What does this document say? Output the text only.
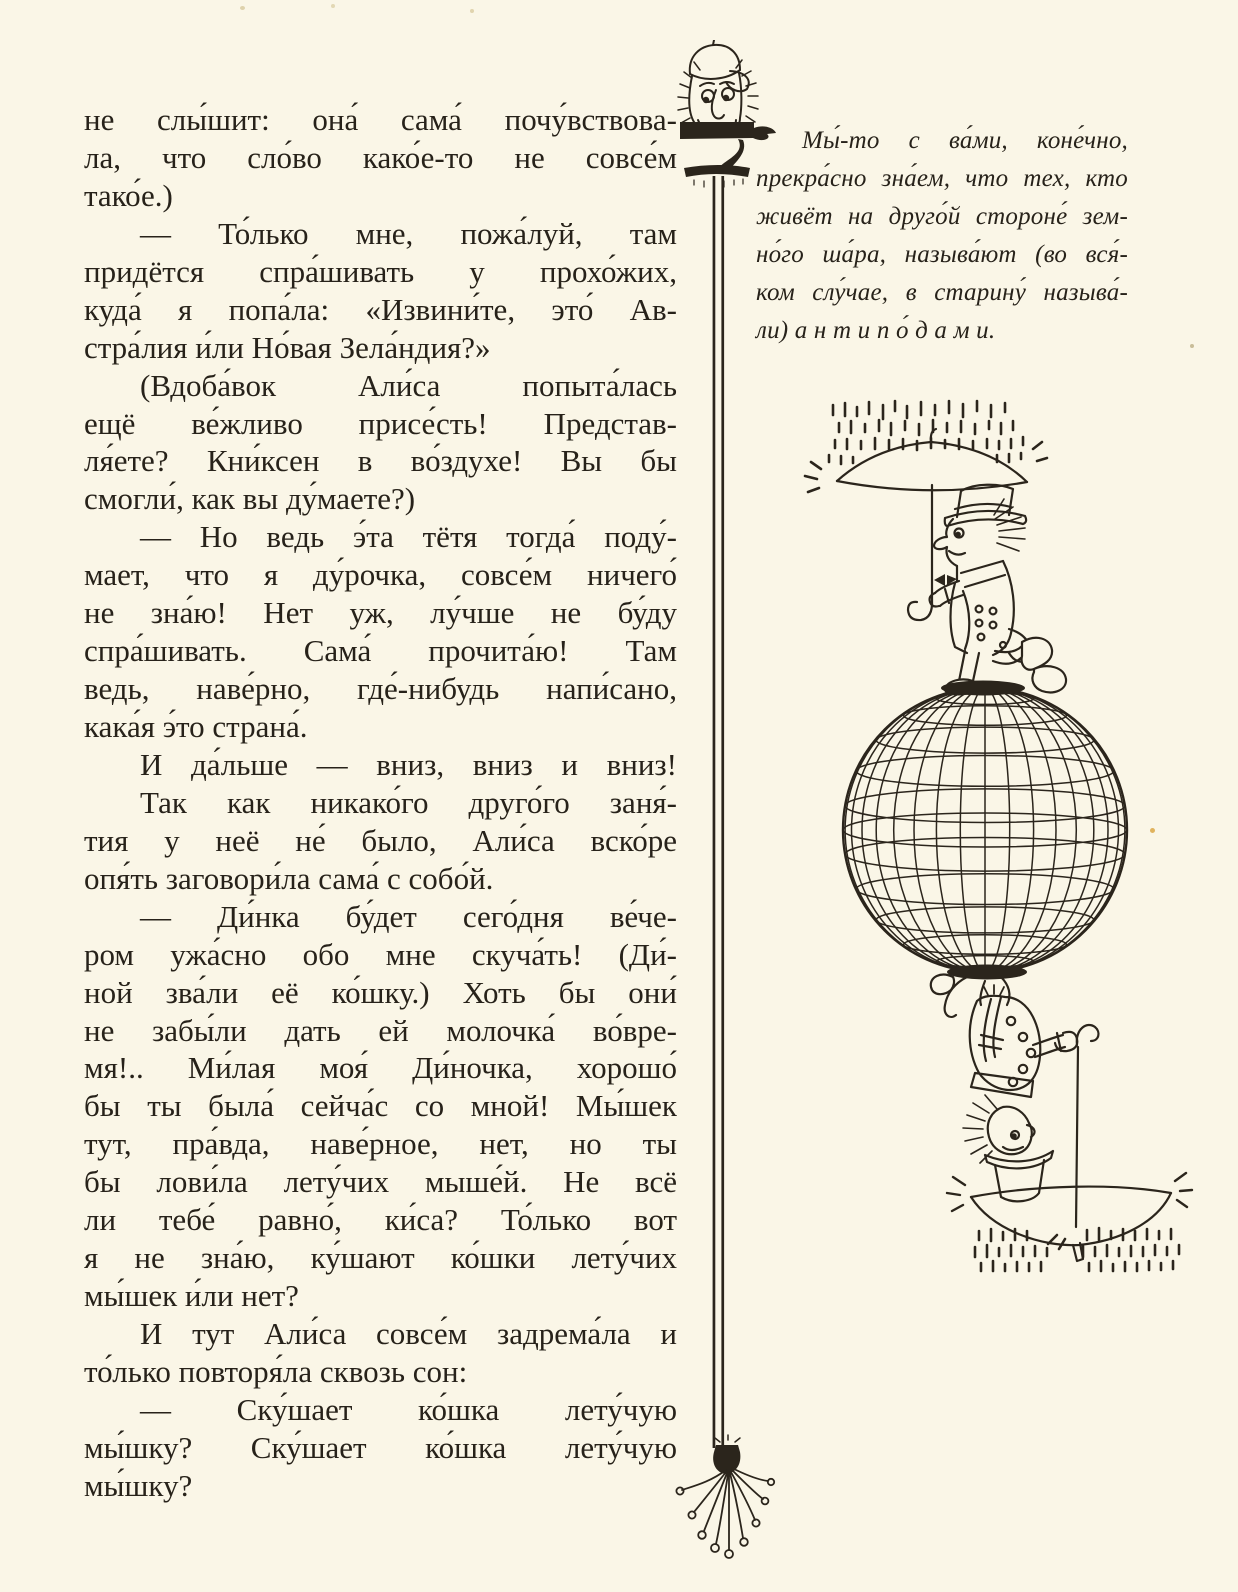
не слы́шит: она́ сама́ почу́вствова-
ла, что сло́во како́е-то не совсе́м
тако́е.)
— То́лько мне, пожа́луй, там
придётся спра́шивать у прохо́жих,
куда́ я попа́ла: «Извини́те, это́ Ав-
стра́лия и́ли Но́вая Зела́ндия?»
(Вдоба́вок Али́са попыта́лась
ещё ве́жливо присе́сть! Представ-
ля́ете? Кни́ксен в во́здухе! Вы бы
смогли́, как вы ду́маете?)
— Но ведь э́та тётя тогда́ поду́-
мает, что я ду́рочка, совсе́м ничего́
не зна́ю! Нет уж, лу́чше не бу́ду
спра́шивать. Сама́ прочита́ю! Там
ведь, наве́рно, где́-нибудь напи́сано,
кака́я э́то страна́.
И да́льше — вниз, вниз и вниз!
Так как никако́го друго́го заня́-
тия у неё не́ было, Али́са вско́ре
опя́ть заговори́ла сама́ с собо́й.
— Ди́нка бу́дет сего́дня ве́че-
ром ужа́сно обо мне скуча́ть! (Ди́-
ной зва́ли её ко́шку.) Хоть бы они́
не забы́ли дать ей молочка́ во́вре-
мя!.. Ми́лая моя́ Ди́ночка, хорошо́
бы ты была́ сейча́с со мной! Мы́шек
тут, пра́вда, наве́рное, нет, но ты
бы лови́ла лету́чих мыше́й. Не всё
ли тебе́ равно́, ки́са? То́лько вот
я не зна́ю, ку́шают ко́шки лету́чих
мы́шек и́ли нет?
И тут Али́са совсе́м задрема́ла и
то́лько повторя́ла сквозь сон:
— Ску́шает ко́шка лету́чую
мы́шку? Ску́шает ко́шка лету́чую
мы́шку?
Мы́-то с ва́ми, коне́чно,
прекра́сно зна́ем, что тех, кто
живёт на друго́й стороне́ зем-
но́го ша́ра, называ́ют (во вся́-
ком слу́чае, в старину́ называ́-
ли) а н т и п о́ д а м и.
